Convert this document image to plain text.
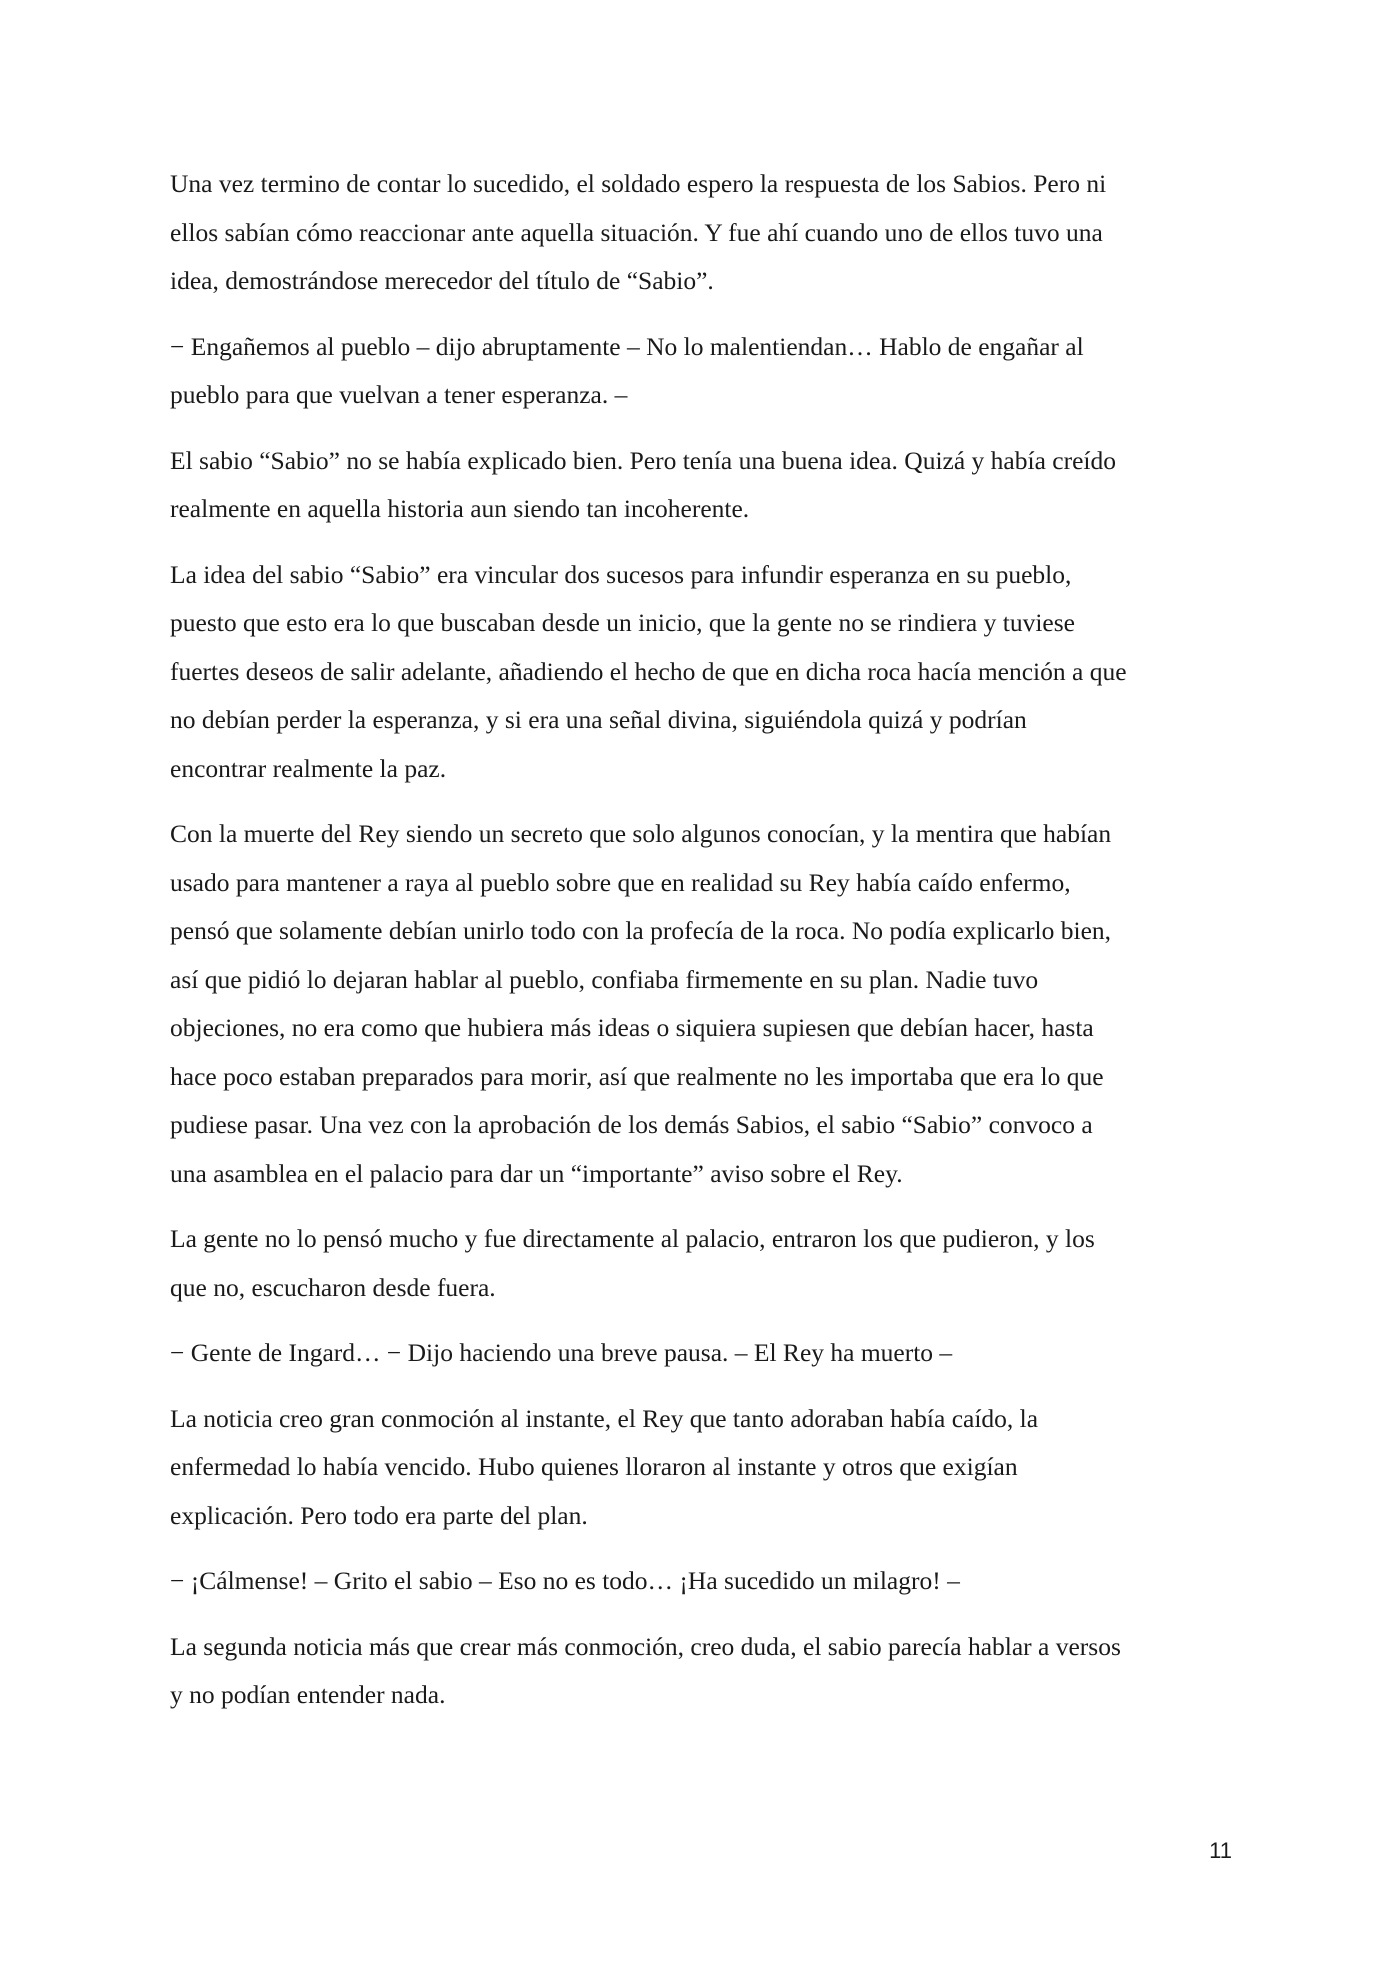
Una vez termino de contar lo sucedido, el soldado espero la respuesta de los Sabios. Pero ni
ellos sabían cómo reaccionar ante aquella situación. Y fue ahí cuando uno de ellos tuvo una
idea, demostrándose merecedor del título de “Sabio”.

− Engañemos al pueblo – dijo abruptamente – No lo malentiendan… Hablo de engañar al
pueblo para que vuelvan a tener esperanza. –

El sabio “Sabio” no se había explicado bien. Pero tenía una buena idea. Quizá y había creído
realmente en aquella historia aun siendo tan incoherente.

La idea del sabio “Sabio” era vincular dos sucesos para infundir esperanza en su pueblo,
puesto que esto era lo que buscaban desde un inicio, que la gente no se rindiera y tuviese
fuertes deseos de salir adelante, añadiendo el hecho de que en dicha roca hacía mención a que
no debían perder la esperanza, y si era una señal divina, siguiéndola quizá y podrían
encontrar realmente la paz.

Con la muerte del Rey siendo un secreto que solo algunos conocían, y la mentira que habían
usado para mantener a raya al pueblo sobre que en realidad su Rey había caído enfermo,
pensó que solamente debían unirlo todo con la profecía de la roca. No podía explicarlo bien,
así que pidió lo dejaran hablar al pueblo, confiaba firmemente en su plan. Nadie tuvo
objeciones, no era como que hubiera más ideas o siquiera supiesen que debían hacer, hasta
hace poco estaban preparados para morir, así que realmente no les importaba que era lo que
pudiese pasar. Una vez con la aprobación de los demás Sabios, el sabio “Sabio” convoco a
una asamblea en el palacio para dar un “importante” aviso sobre el Rey.

La gente no lo pensó mucho y fue directamente al palacio, entraron los que pudieron, y los
que no, escucharon desde fuera.

− Gente de Ingard… − Dijo haciendo una breve pausa. – El Rey ha muerto –

La noticia creo gran conmoción al instante, el Rey que tanto adoraban había caído, la
enfermedad lo había vencido. Hubo quienes lloraron al instante y otros que exigían
explicación. Pero todo era parte del plan.

− ¡Cálmense! – Grito el sabio – Eso no es todo… ¡Ha sucedido un milagro! –

La segunda noticia más que crear más conmoción, creo duda, el sabio parecía hablar a versos
y no podían entender nada.

11
